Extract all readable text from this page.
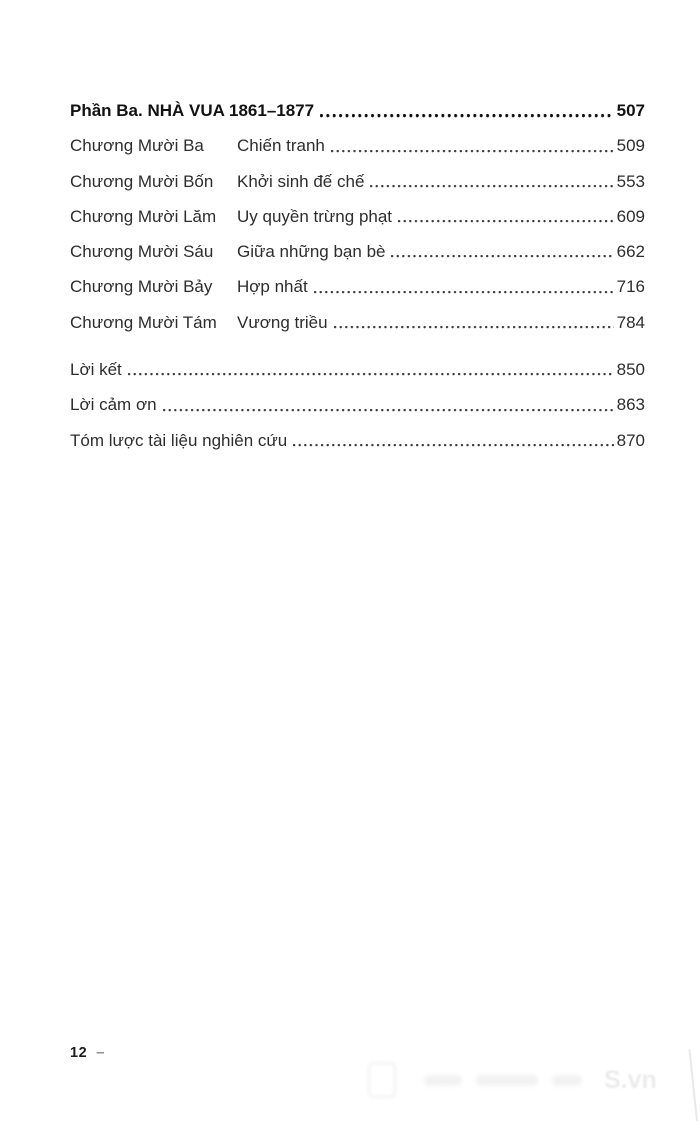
Phần Ba. NHÀ VUA 1861–1877	507
Chương Mười Ba	Chiến tranh	509
Chương Mười Bốn	Khởi sinh đế chế	553
Chương Mười Lăm	Uy quyền trừng phạt	609
Chương Mười Sáu	Giữa những bạn bè	662
Chương Mười Bảy	Hợp nhất	716
Chương Mười Tám	Vương triều	784
Lời kết	850
Lời cảm ơn	863
Tóm lược tài liệu nghiên cứu	870
12 –
S.vn
